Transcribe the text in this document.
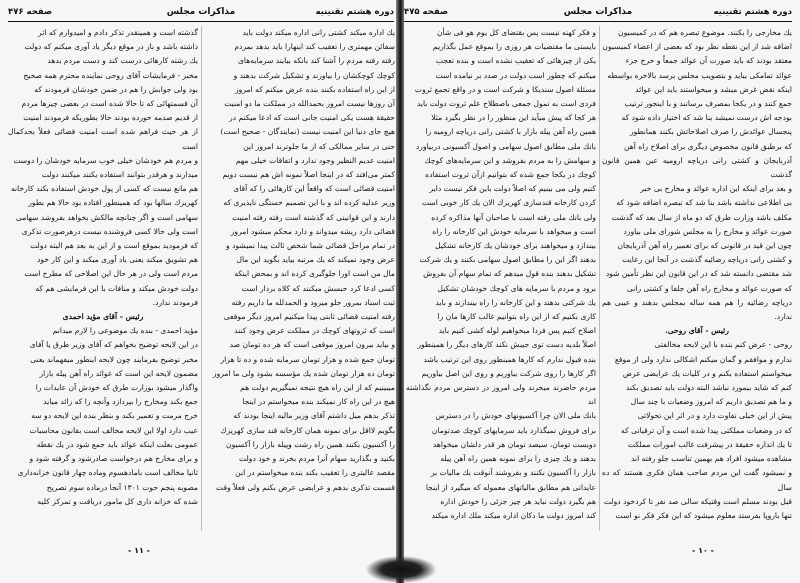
دوره هشتم تقنینیه
مذاکرات مجلس
صفحه ۴۷۶

یك اداره میکند کشتی رانی اداره میکند دولت باید

سفائن مهمتری را تعقیب کند اینهارا باید بدهد بمردم

رفته رفته مردم را آشنا کند بانکه بیایند سرمایه‌های

کوچك کوچکشان را بیاورند و تشکیل شرکت بدهند و

از این راه استفاده بکنند بنده عرض میکنم که امروز

آن روزها نیست امروز بحمدالله در مملکت ما دو امنیت

حقیقة هست یکی امنیت جانی است که ادعا میکنم در

هیچ جای دنیا این امنیت نیست (نمایندگان - صحیح است)

حتی در سایر ممالکی که از ما جلوترند امروز این

امنیت عدیم النظیر وجود ندارد و اتفاقات خیلی مهم

کمتر می‌افتد که در اینجا اصلاً نمونه اش هم نیست دویم

امنیت قضائی است که واقعاً این کارهائی را که آقای

وزیر عدلیه کرده اند و با این تصمیم خستگی ناپذیری که

دارند و این قوانینی که گذشته است رفته رفته امنیت

قضائی دارد ریشه میدواند و دارد محکم میشود امروز

در تمام مراحل قضائی شما شخص ثالث پیدا نمیشود و

عرض وجود نمیکند که یك مرتبه بیاید بگوید این مال

مال من است اورا جلوگیری کرده اند و بمحض اینکه

کسی ادعا کرد حبسش میکنند که کلاه بردار است

ثبت اسناد بمرور جلو میرود و الحمدلله ما داریم رفته

رفته امنیت قضائی ثابتی پیدا میکنیم امروز دیگر موقعی

است که ثروتهای کوچك در مملکت عرض وجود کنند

و بیاید بیرون امروز موقعی است که هر ده تومان صد

تومان جمع شده و هزار تومان سرمایه شده و ده تا هزار

تومان ده هزار تومان شده یك مؤسسه بشود ولی ما امروز

میبینیم که از این راه هیچ نتیجه نمیگیریم دولت هم

هیچ در این راه کار نمیکند بنده میخواستم در اینجا

تذکر بدهم میل داشتم آقای وزیر مالیه اینجا بودند که

بگویم لااقل برای نمونه همان کارخانه قند سازی کهریزك

را آکسیون بکنند همین راه رشت وپیله بازار را آکسیون

بکنید و بگذارید سهام آنرا مردم بخرند و خود دولت

مقصد عالیتری را تعقیب بکند بنده میخواستم در این

قسمت تذکری بدهم و عرایضی عرض بکنم ولی فعلاً وقت

گذشته است و همینقدر تذکر دادم و امیدوارم که اثر

داشته باشد و باز در موقع دیگر یاد آوری میکنم که دولت

یك رشته کارهائی درست کند و دست مردم بدهد

مخبر - فرمایشات آقای روحی نماینده محترم همه صحیح

بود ولی جوابش را هم در ضمن خودشان فرمودند که

آن قسمتهائی که تا حالا شده است در بعضی چیزها مردم

از قدیم صدمه خورده بودند حالا بطوریکه فرمودند امنیت

از هر حیث فراهم شده است امنیت قضائی فعلاً بحدکمال است

و مردم هم خودشان خیلی خوب سرمایه خودشان را دوست

میدارند و هرقدر بتوانند استفاده بکنند میکنند دولت

هم مانع نیست که کسی از پول خودش استفاده بکند کارخانه

کهریزك سالها بود که همینطور افتاده بود حالا هم بطور

سهامی است و اگر چنانچه مالکش بخواهد بفروشد سهامی

است ولی حالا کسی فروشنده نیست درهرصورت تذکری

که فرمودید بموقع است و از این به بعد هم البته دولت

هم تشویق میکند یعنی یاد آوری میکند و این کار خود

مردم است ولی در هر حال این اصلاحی که مطرح است

دولت خودش میکند و منافات با این فرمایشی هم که

فرمودند ندارد.

رئیس - آقای مؤید احمدی

مؤید احمدی - بنده یك موضوعی را لازم میدانم

در این لایحه توضیح بخواهم که آقای وزیر طرق یا آقای

مخبر توضیح بفرمایند چون لایحه اینطور میفهماند یعنی

مضمون لایحه این است که عوائد راه آهن پیله بازار

واگذار میشود بوزارت طرق که خودش آن عایدات را

جمع بکند ومخارج را بپردازد وآنچه را که زائد میاید

خرج مرمت و تعمیر بکند و بنظر بنده این لایحه دو سه

عیب دارد اولا این لایحه مخالف است بقانون محاسبات

عمومی بعلت اینکه عوائد باید جمع شود در یك نقطه

و برای مخارج هم درخواست صادرشود و گرفته شود و

ثانیا مخالف است بامادهسوم وماده چهار قانون خزانه‌داری

مصوبه پنجم حوت ۱۳۰۱ آنجا درماده سوم تصریح

شده که خزانه داری کل مامور دریافت و تمرکز کلیه

- ۱۱ -
دوره هشتم تقنینیه
مذاکرات مجلس
صفحه ۴۷۵

یك مخارجی را بکنند. موضوع تبصره هم که در کمیسیون

اضافه شد از این نقطه نظر بود که بعضی از اعضاء کمیسیون

معتقد بودند که باید صورت آن عوائد جمعاً و خرج جزء

عوائد تمامکی بیاید و بتصویب مجلس برسد بالاخره بواسطه

اینکه نقض غرض میشد و میخواستند باید این عوائد

جمع کنند و در یکجا بمصرف برسانند و با اینجور ترتیب

بودجه اش درست نمیشد بنا شد که اختیار داده شود که

پنجسال عوائدش را صرف اصلاحاتش بکنند همانطور

که برطبق قانون مخصوص دیگری برای اصلاح راه آهن

آذربایجان و کشتی رانی دریاچه ارومیه عین همین قانون گذشت

و بعد برای اینکه این اداره عوائد و مخارج بی خبر

بی اطلاعی نداشته باشد بنا شد که تبصره اضافه شود که

مکلف باشد وزارت طرق که دو ماه از سال بعد که گذشت

صورت عوائد و مخارج را به مجلس شورای ملی بیاورد

چون این قید در قانونی که برای تعمیر راه آهن آذربایجان

و کشتی رانی دریاچه رضائیه گذشت در آنجا این رعایت

شد مقتضی دانسته شد که در این قانون این نظر تأمین شود

که صورت عوائد و مخارج راه آهن جلفا و کشتی رانی

دریاچه رضائیه را هم همه ساله بمجلس بدهند و عیبی هم ندارد.

رئیس - آقای روحی.

روحی - عرض کنم بنده با این لایحه مخالفتی

ندارم و موافقم و گمان میکنم اشکالی ندارد ولی از موقع

میخواستم استفاده بکنم و در کلیات یك عرایضی عرض

کنم که شاید بیمورد نباشد البته دولت باید تصدیق بکند

و ما هم تصدیق داریم که امروز وضعیات با چند سال

پیش از این خیلی تفاوت دارد و در اثر این تحولاتی

که در وضعیات مملکتی پیدا شده است و آن ترقیاتی که

تا یك اندازه حقیقة در پیشرفت غالب امورات مملکت

مشاهده میشود افراد هم بهمین تناسب جلو رفته اند

و نمیشود گفت این مردم صاحب همان فکری هستند که ده سال

قبل بودند مسلم است وقتیکه سالی صد نفر تا کردخود دولت

تنها باروپا بفرستد معلوم میشود که این فکر فکر نو است

و فکر کهنه نیست پس بقتضای کل یوم هو فی شأن

بایستی ما مقتضیات هر روزی را بموقع عمل بگذاریم

یکی از چیزهائی که تعقیب نشده است و بنده تعجب

میکنم که چطور است دولت در صدد بر نیامده است

مسئلة اصول سندیکا و شرکت است و در واقع تجمع ثروت

فردی است به تمول جمعی باصطلاح علم ثروت دولت باید

هر کجا که پیش میآید این منظور را در نظر بگیرد مثلا

همین راه آهن پیله بازار با کشتی رانی دریاچه ارومیه را

بانك ملی مطابق اصول سهامی و اصول آکسیونی دربیاورد

و سهامش را به مردم بفروشد و این سرمایه‌های کوچك

کوچك در یکجا جمع شده که بتوانیم ازآن ثروت استفاده

کنیم ولی می بینیم که اصلاً دولت باین فکر نیست دایر

کردن کارخانه قندسازی کهریزك الان یك کار خوبی است

ولی بانك ملی رفته است با صاحبان آنها مذاکره کرده

است و میخواهد با سرمایه خودش این کارخانه را راه

بیندازد و میخواهند برای خودشان یك کارخانه تشکیل

بدهند اگر این را مطابق اصول سهامی بکنند و یك شرکت

تشکیل بدهند بنده قول میدهم که تمام سهام آن بفروش

برود و مردم با سرمایه های کوچك خودشان تشکیل

یك شرکتی بدهند و این کارخانه را راه بیندازند و باید

کاری بکنیم که از این راه بتوانیم غالب کارها مان را

اصلاح کنیم پس فردا میخواهیم لوله کشی کنیم باید

اصلاً بلدیه دست توی جیبش نکند کارهای دیگر را همینطور

بنده قبول ندارم که کارها همینطور روی این ترتیب باشد

اگر کارها را روی شرکت بیاوریم و روی این اصل بیاوریم

مردم حاضرند میخرند ولی امروز در دسترس مردم نگذاشته اند

بانك ملی الان چرا آکسیونهای خودش را در دسترس

برای فروش نمیگذارد باید سرمایهای کوچك صدتومان

دویست تومان، سیصد تومان هر قدر دلشان میخواهد

بدهند و یك چیزی را برای نمونه همین راه آهن پیله

بازار را آکسیون بکنند و بفروشند آنوقت یك مالیات بر

عایداتی هم مطابق مالیاتهای معموله که میگیرد از اینجا

هم بگیرد دولت نباید هر چیز جزئی را خودش اداره

کند امروز دولت ما دکان اداره میکند ملك اداره میکند

- ۱۰ -
